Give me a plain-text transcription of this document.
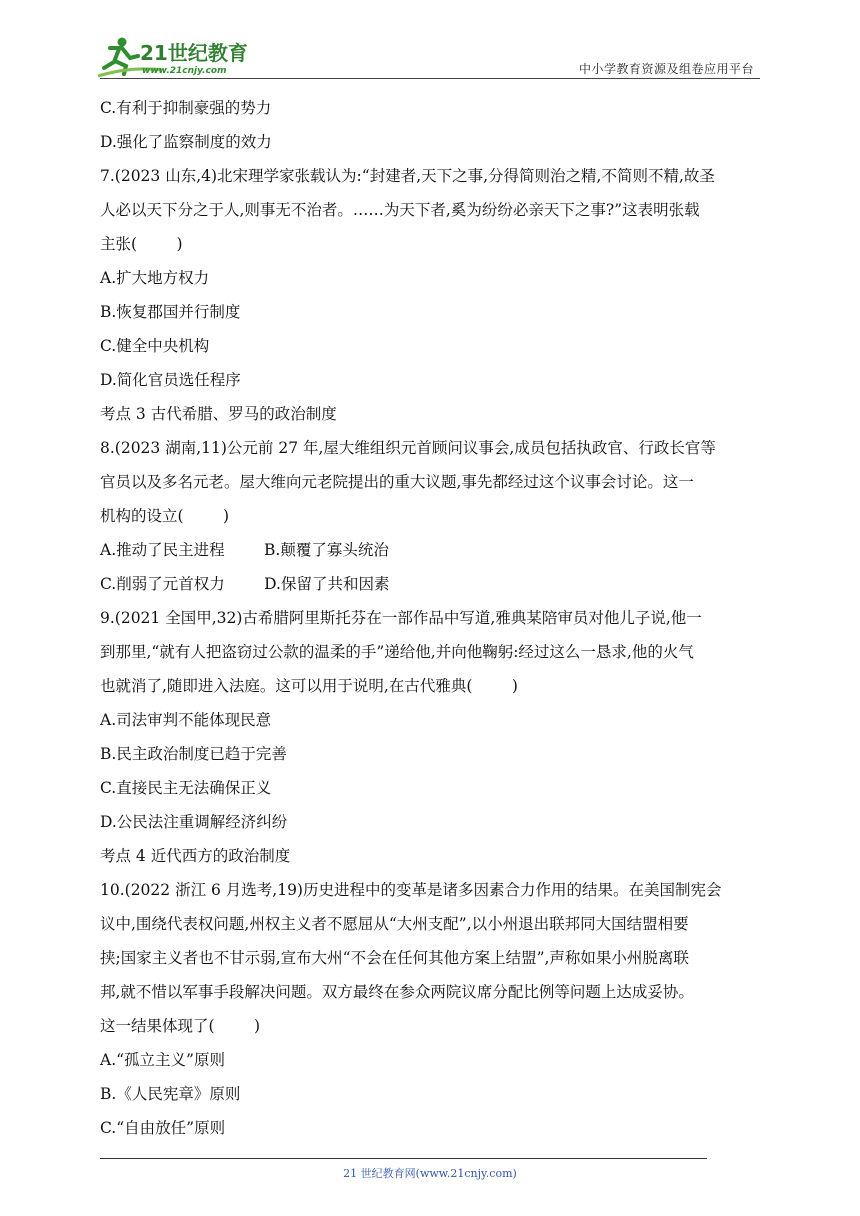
21世纪教育
www.21cnjy.com	中小学教育资源及组卷应用平台
C.有利于抑制豪强的势力
D.强化了监察制度的效力
7.(2023 山东,4)北宋理学家张载认为:“封建者,天下之事,分得简则治之精,不简则不精,故圣
人必以天下分之于人,则事无不治者。……为天下者,奚为纷纷必亲天下之事?”这表明张载
主张(        )
A.扩大地方权力
B.恢复郡国并行制度
C.健全中央机构
D.简化官员选任程序
考点 3 古代希腊、罗马的政治制度
8.(2023 湖南,11)公元前 27 年,屋大维组织元首顾问议事会,成员包括执政官、行政长官等
官员以及多名元老。屋大维向元老院提出的重大议题,事先都经过这个议事会讨论。这一
机构的设立(        )
A.推动了民主进程        B.颠覆了寡头统治
C.削弱了元首权力        D.保留了共和因素
9.(2021 全国甲,32)古希腊阿里斯托芬在一部作品中写道,雅典某陪审员对他儿子说,他一
到那里,“就有人把盗窃过公款的温柔的手”递给他,并向他鞠躬:经过这么一恳求,他的火气
也就消了,随即进入法庭。这可以用于说明,在古代雅典(        )
A.司法审判不能体现民意
B.民主政治制度已趋于完善
C.直接民主无法确保正义
D.公民法注重调解经济纠纷
考点 4 近代西方的政治制度
10.(2022 浙江 6 月选考,19)历史进程中的变革是诸多因素合力作用的结果。在美国制宪会
议中,围绕代表权问题,州权主义者不愿屈从“大州支配”,以小州退出联邦同大国结盟相要
挟;国家主义者也不甘示弱,宣布大州“不会在任何其他方案上结盟”,声称如果小州脱离联
邦,就不惜以军事手段解决问题。双方最终在参众两院议席分配比例等问题上达成妥协。
这一结果体现了(        )
A.“孤立主义”原则
B.《人民宪章》原则
C.“自由放任”原则
21 世纪教育网(www.21cnjy.com)
